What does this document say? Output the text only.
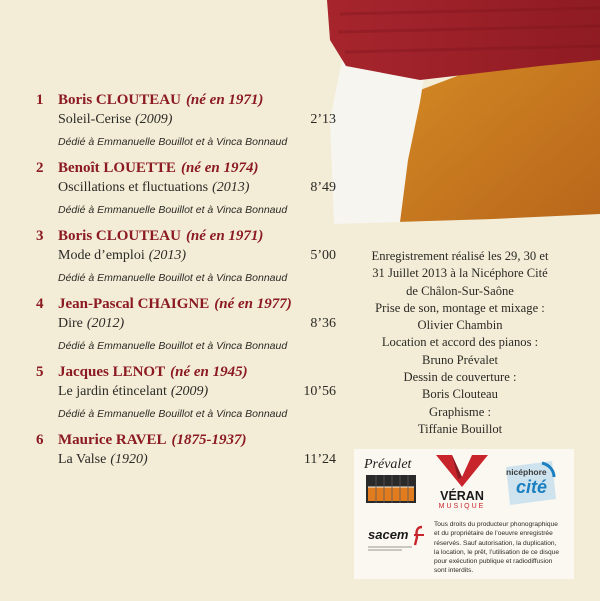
1 Boris CLOUTEAU (né en 1971)
Soleil-Cerise (2009)	2’13
Dédié à Emmanuelle Bouillot et à Vinca Bonnaud
2 Benoît LOUETTE (né en 1974)
Oscillations et fluctuations (2013)	8’49
Dédié à Emmanuelle Bouillot et à Vinca Bonnaud
3 Boris CLOUTEAU (né en 1971)
Mode d’emploi (2013)	5’00
Dédié à Emmanuelle Bouillot et à Vinca Bonnaud
4 Jean-Pascal CHAIGNE (né en 1977)
Dire (2012)	8’36
Dédié à Emmanuelle Bouillot et à Vinca Bonnaud
5 Jacques LENOT (né en 1945)
Le jardin étincelant (2009)	10’56
Dédié à Emmanuelle Bouillot et à Vinca Bonnaud
6 Maurice RAVEL (1875-1937)
La Valse (1920)	11’24
Enregistrement réalisé les 29, 30 et
31 Juillet 2013 à la Nicéphore Cité
de Châlon-Sur-Saône
Prise de son, montage et mixage :
Olivier Chambin
Location et accord des pianos :
Bruno Prévalet
Dessin de couverture :
Boris Clouteau
Graphisme :
Tiffanie Bouillot
Prévalet
VÉRAN
MUSIQUE
nicéphore
cité
sacem
Tous droits du producteur phonographique
et du propriétaire de l’oeuvre enregistrée
réservés. Sauf autorisation, la duplication,
la location, le prêt, l’utilisation de ce disque
pour exécution publique et radiodiffusion
sont interdits.
